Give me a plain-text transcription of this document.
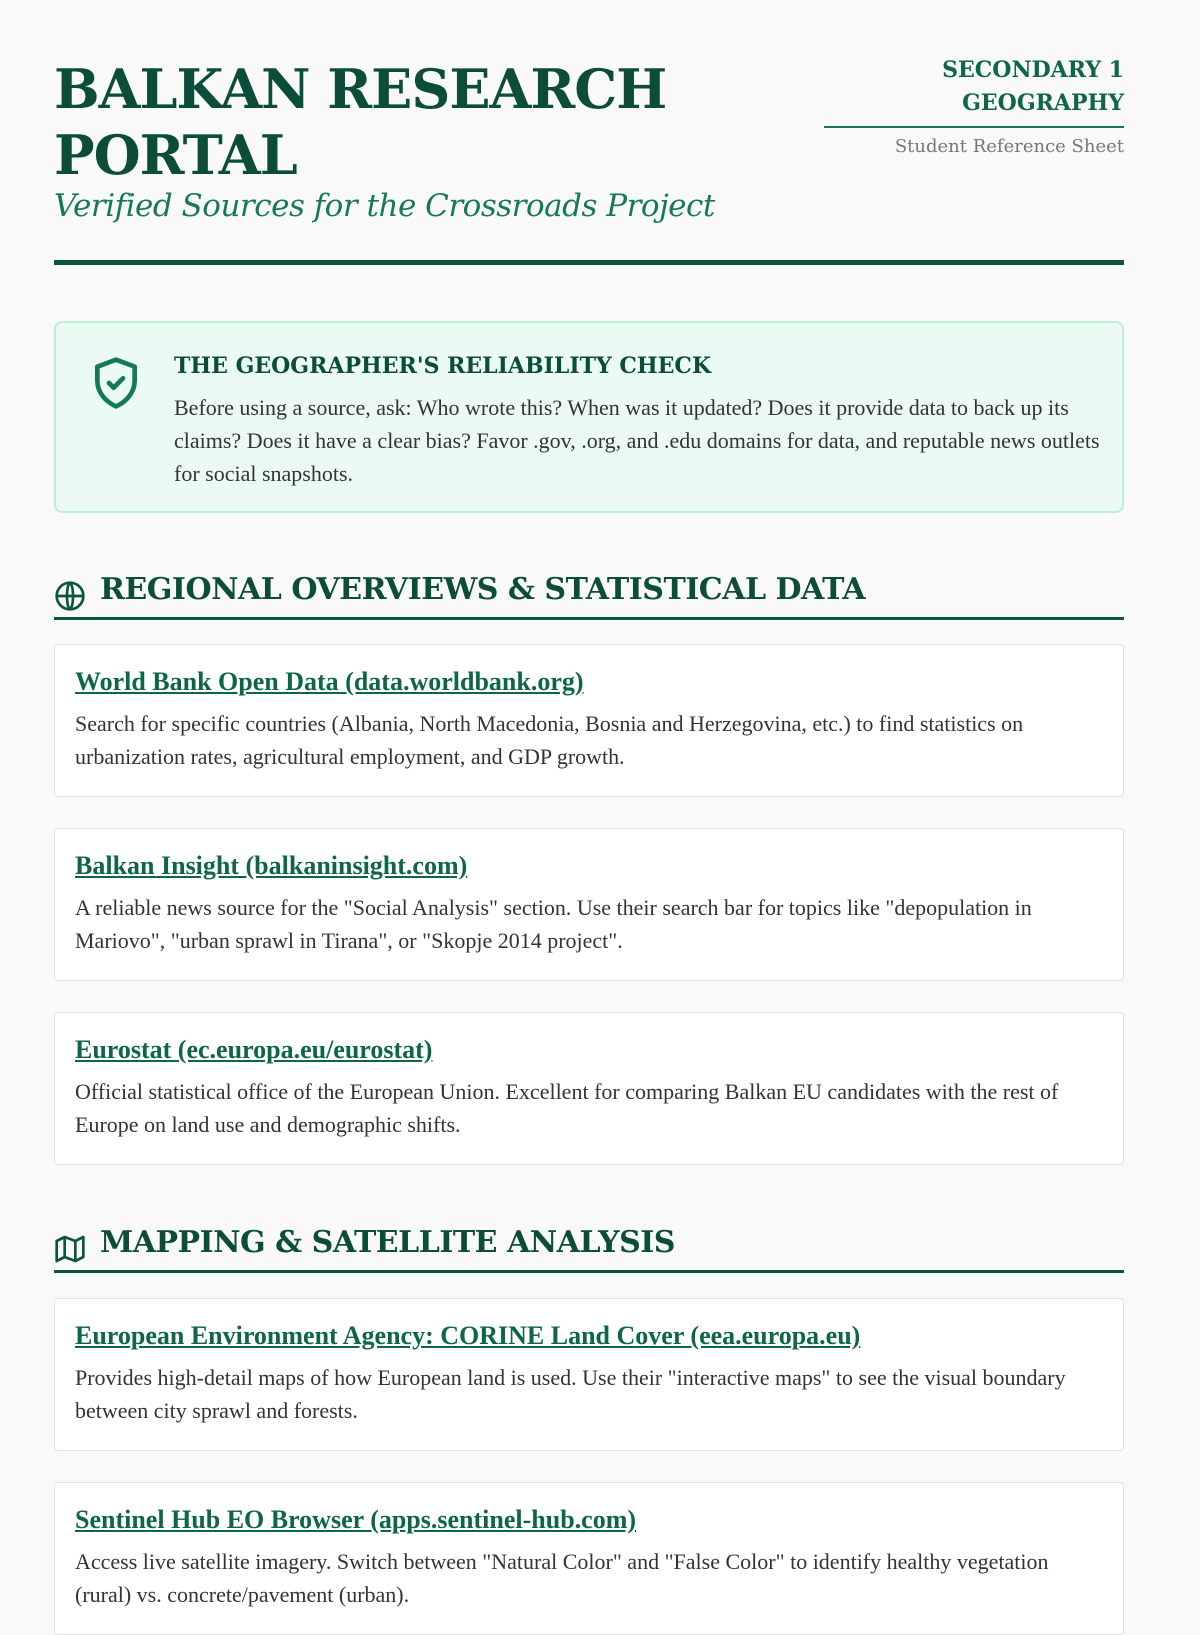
BALKAN RESEARCH PORTAL
Verified Sources for the Crossroads Project
SECONDARY 1 GEOGRAPHY
Student Reference Sheet
THE GEOGRAPHER'S RELIABILITY CHECK

Before using a source, ask: Who wrote this? When was it updated? Does it provide data to back up its claims? Does it have a clear bias? Favor .gov, .org, and .edu domains for data, and reputable news outlets for social snapshots.

REGIONAL OVERVIEWS & STATISTICAL DATA
World Bank Open Data (data.worldbank.org)

Search for specific countries (Albania, North Macedonia, Bosnia and Herzegovina, etc.) to find statistics on urbanization rates, agricultural employment, and GDP growth.

Balkan Insight (balkaninsight.com)

A reliable news source for the "Social Analysis" section. Use their search bar for topics like "depopulation in Mariovo", "urban sprawl in Tirana", or "Skopje 2014 project".

Eurostat (ec.europa.eu/eurostat)

Official statistical office of the European Union. Excellent for comparing Balkan EU candidates with the rest of Europe on land use and demographic shifts.

MAPPING & SATELLITE ANALYSIS
European Environment Agency: CORINE Land Cover (eea.europa.eu)

Provides high-detail maps of how European land is used. Use their "interactive maps" to see the visual boundary between city sprawl and forests.

Sentinel Hub EO Browser (apps.sentinel-hub.com)

Access live satellite imagery. Switch between "Natural Color" and "False Color" to identify healthy vegetation (rural) vs. concrete/pavement (urban).
